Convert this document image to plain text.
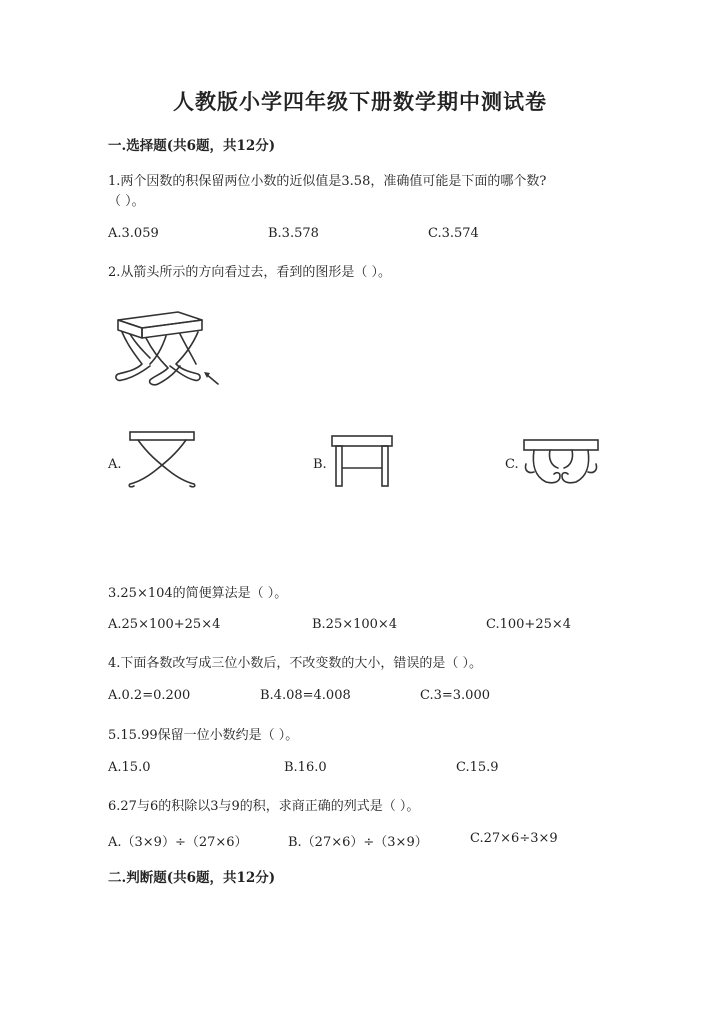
人教版小学四年级下册数学期中测试卷
一.选择题(共6题，共12分)
1.两个因数的积保留两位小数的近似值是3.58，准确值可能是下面的哪个数?
（ ）。
A.3.059	B.3.578	C.3.574
2.从箭头所示的方向看过去，看到的图形是（ ）。
A.	B.	C.
3.25×104的简便算法是（ ）。
A.25×100+25×4	B.25×100×4	C.100+25×4
4.下面各数改写成三位小数后，不改变数的大小，错误的是（ ）。
A.0.2=0.200	B.4.08=4.008	C.3=3.000
5.15.99保留一位小数约是（ ）。
A.15.0	B.16.0	C.15.9
6.27与6的积除以3与9的积，求商正确的列式是（ ）。
A.（3×9）÷（27×6）	B.（27×6）÷（3×9）	C.27×6÷3×9
二.判断题(共6题，共12分)
